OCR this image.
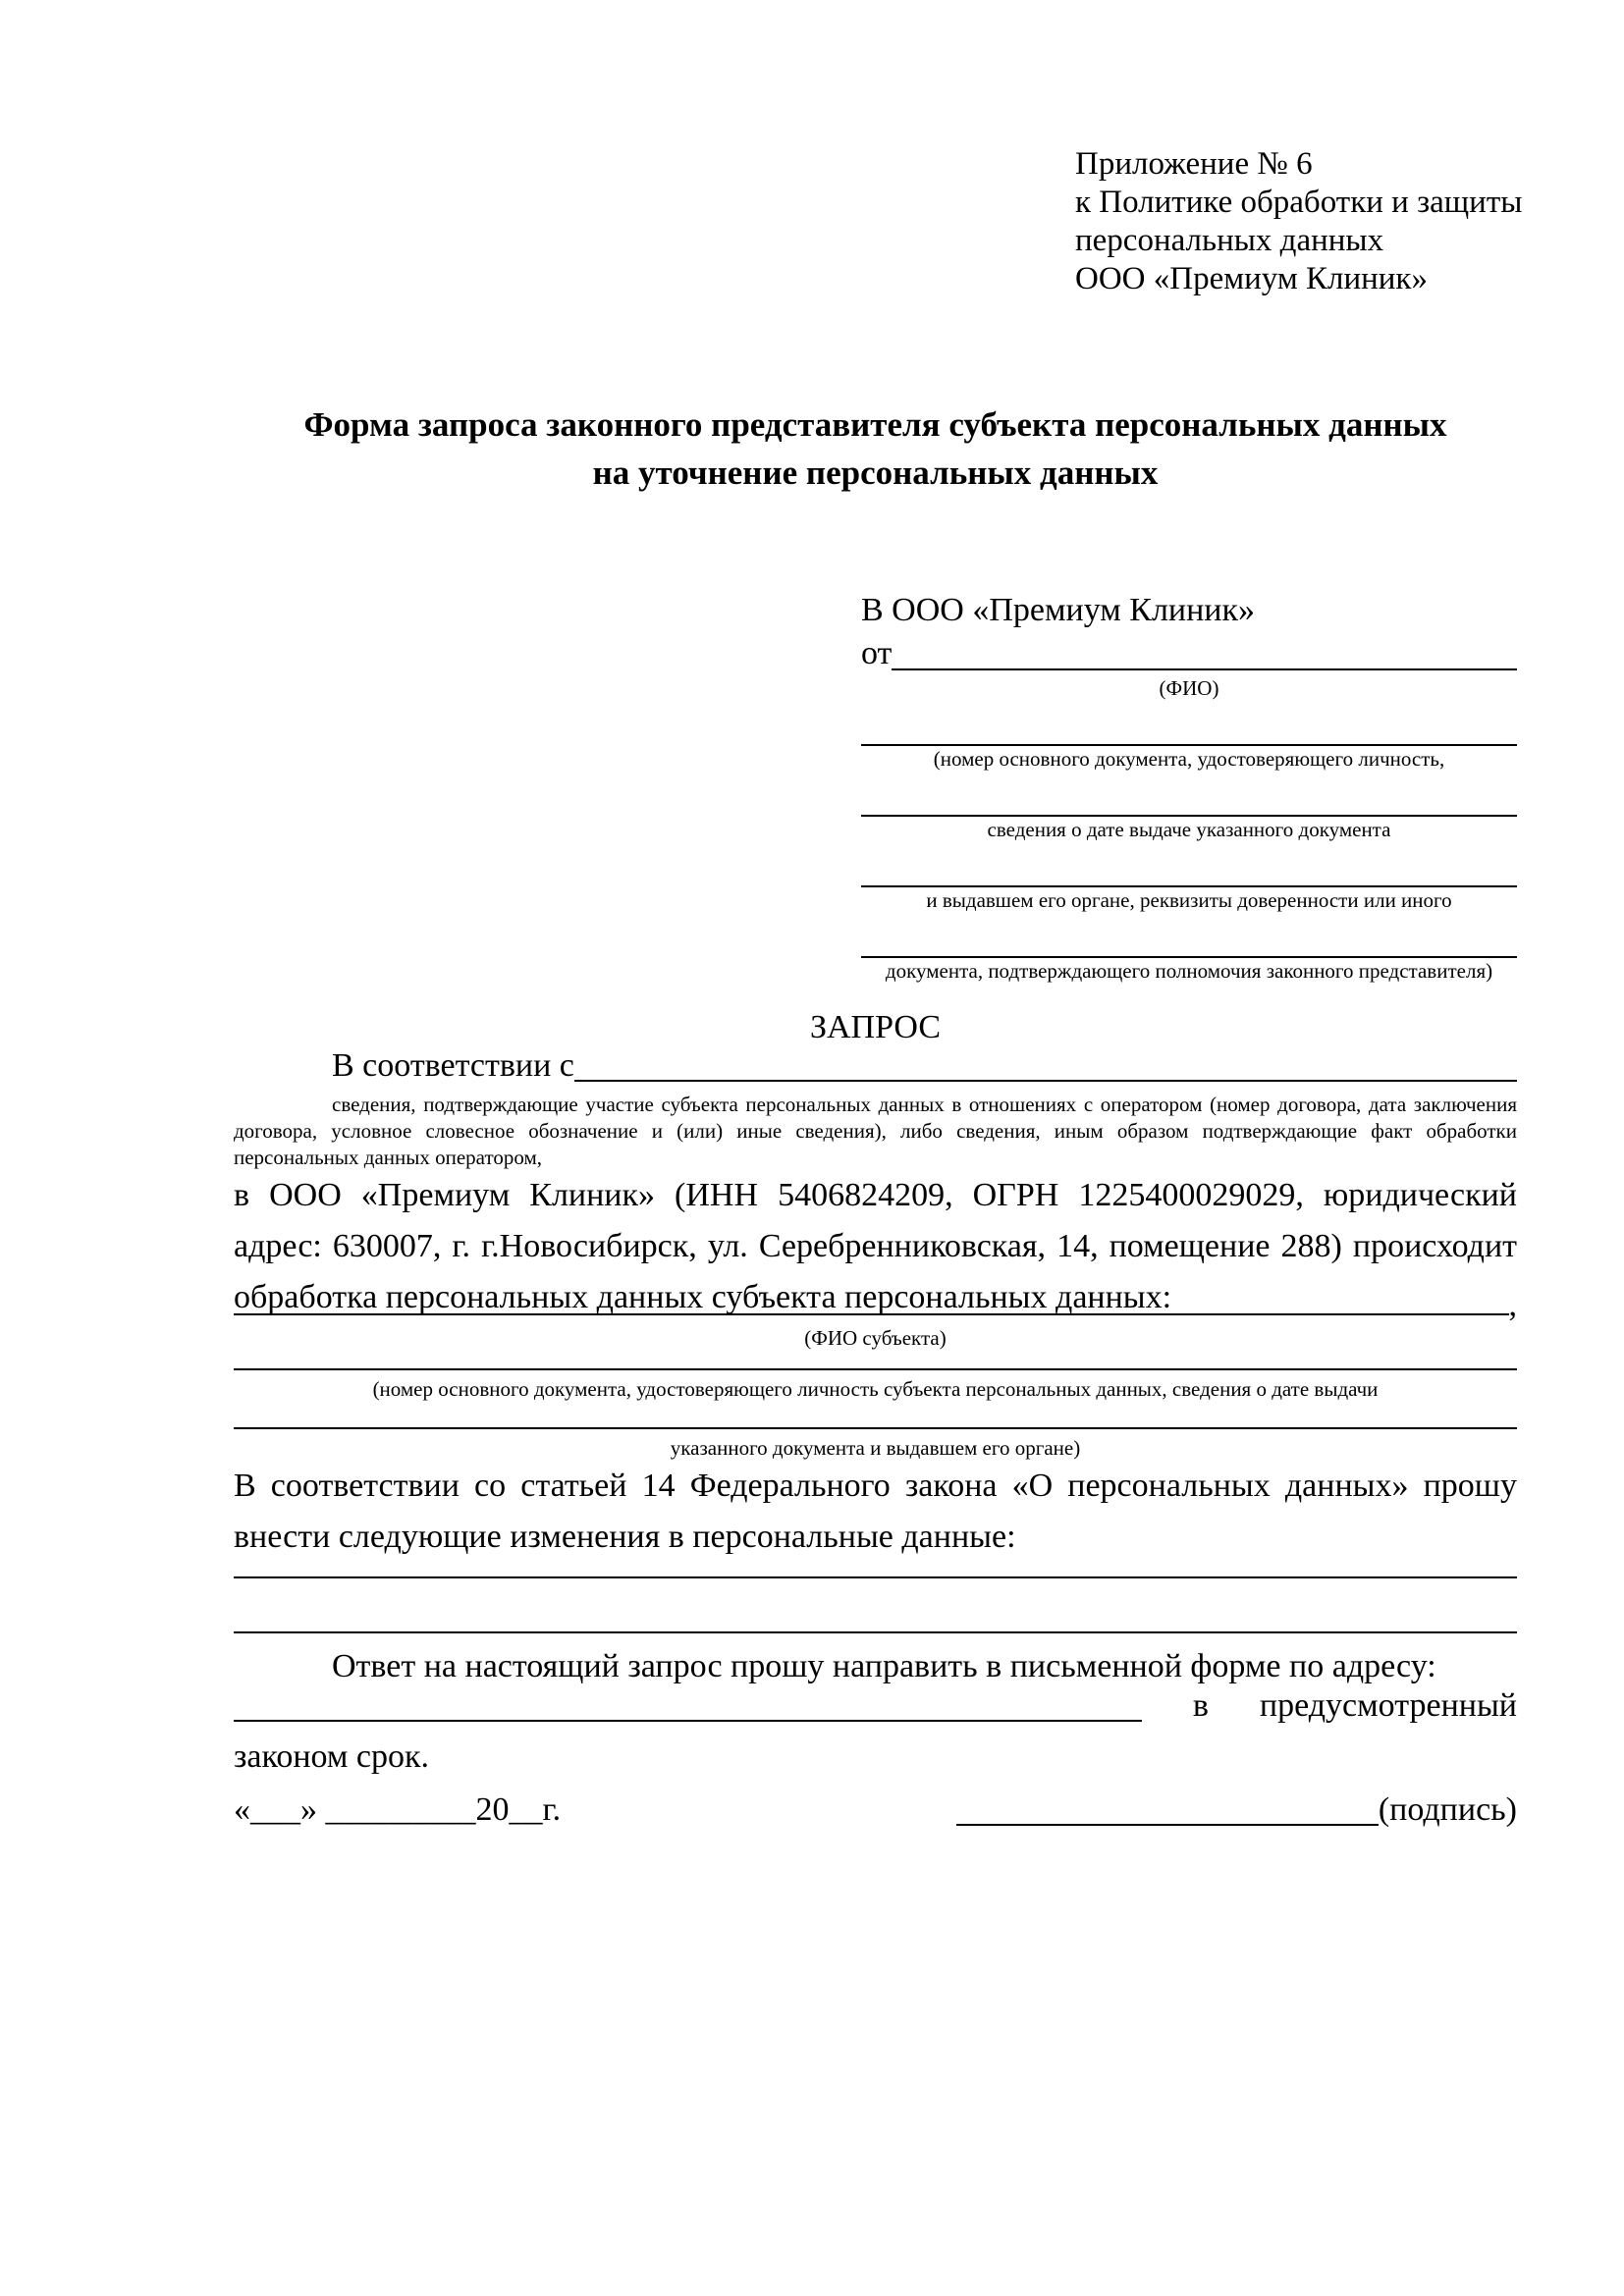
Приложение № 6
к Политике обработки и защиты
персональных данных
ООО «Премиум Клиник»
Форма запроса законного представителя субъекта персональных данных
на уточнение персональных данных
В ООО «Премиум Клиник»
от
(ФИО)
(номер основного документа, удостоверяющего личность,
сведения о дате выдаче указанного документа
и выдавшем его органе, реквизиты доверенности или иного
документа, подтверждающего полномочия законного представителя)
ЗАПРОС
В соответствии с
сведения, подтверждающие участие субъекта персональных данных в отношениях с оператором (номер договора, дата заключения договора, условное словесное обозначение и (или) иные сведения), либо сведения, иным образом подтверждающие факт обработки персональных данных оператором,
в ООО «Премиум Клиник» (ИНН 5406824209, ОГРН 1225400029029, юридический адрес: 630007, г. г.Новосибирск, ул. Серебренниковская, 14, помещение 288) происходит обработка персональных данных субъекта персональных данных:	,
(ФИО субъекта)
(номер основного документа, удостоверяющего личность субъекта персональных данных, сведения о дате выдачи
указанного документа и выдавшем его органе)
В соответствии со статьей 14 Федерального закона «О персональных данных» прошу внести следующие изменения в персональные данные:
Ответ на настоящий запрос прошу направить в письменной форме по адресу:
в предусмотренный
законом срок.
«___» _________20__г.	(подпись)
